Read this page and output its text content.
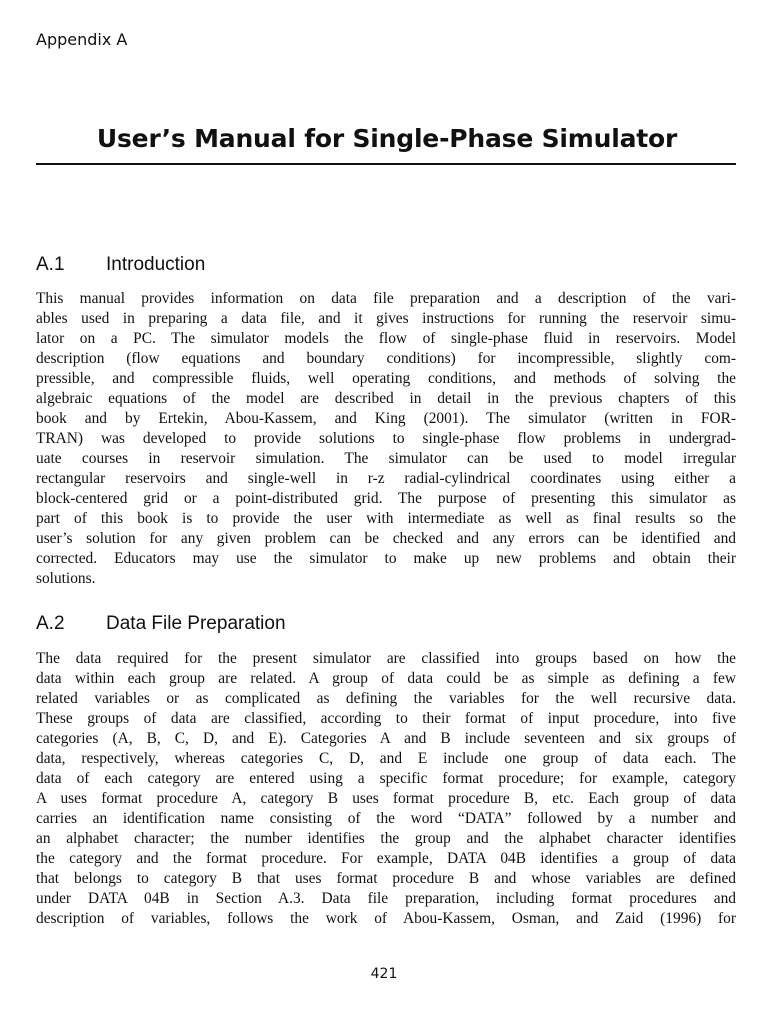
Appendix A
User’s Manual for Single-Phase Simulator
A.1 Introduction

This manual provides information on data file preparation and a description of the vari-
ables used in preparing a data file, and it gives instructions for running the reservoir simu-
lator on a PC. The simulator models the flow of single-phase fluid in reservoirs. Model
description (flow equations and boundary conditions) for incompressible, slightly com-
pressible, and compressible fluids, well operating conditions, and methods of solving the
algebraic equations of the model are described in detail in the previous chapters of this
book and by Ertekin, Abou-Kassem, and King (2001). The simulator (written in FOR-
TRAN) was developed to provide solutions to single-phase flow problems in undergrad-
uate courses in reservoir simulation. The simulator can be used to model irregular
rectangular reservoirs and single-well in r-z radial-cylindrical coordinates using either a
block-centered grid or a point-distributed grid. The purpose of presenting this simulator as
part of this book is to provide the user with intermediate as well as final results so the
user’s solution for any given problem can be checked and any errors can be identified and
corrected. Educators may use the simulator to make up new problems and obtain their
solutions.

A.2 Data File Preparation

The data required for the present simulator are classified into groups based on how the
data within each group are related. A group of data could be as simple as defining a few
related variables or as complicated as defining the variables for the well recursive data.
These groups of data are classified, according to their format of input procedure, into five
categories (A, B, C, D, and E). Categories A and B include seventeen and six groups of
data, respectively, whereas categories C, D, and E include one group of data each. The
data of each category are entered using a specific format procedure; for example, category
A uses format procedure A, category B uses format procedure B, etc. Each group of data
carries an identification name consisting of the word “DATA” followed by a number and
an alphabet character; the number identifies the group and the alphabet character identifies
the category and the format procedure. For example, DATA 04B identifies a group of data
that belongs to category B that uses format procedure B and whose variables are defined
under DATA 04B in Section A.3. Data file preparation, including format procedures and
description of variables, follows the work of Abou-Kassem, Osman, and Zaid (1996) for

421
